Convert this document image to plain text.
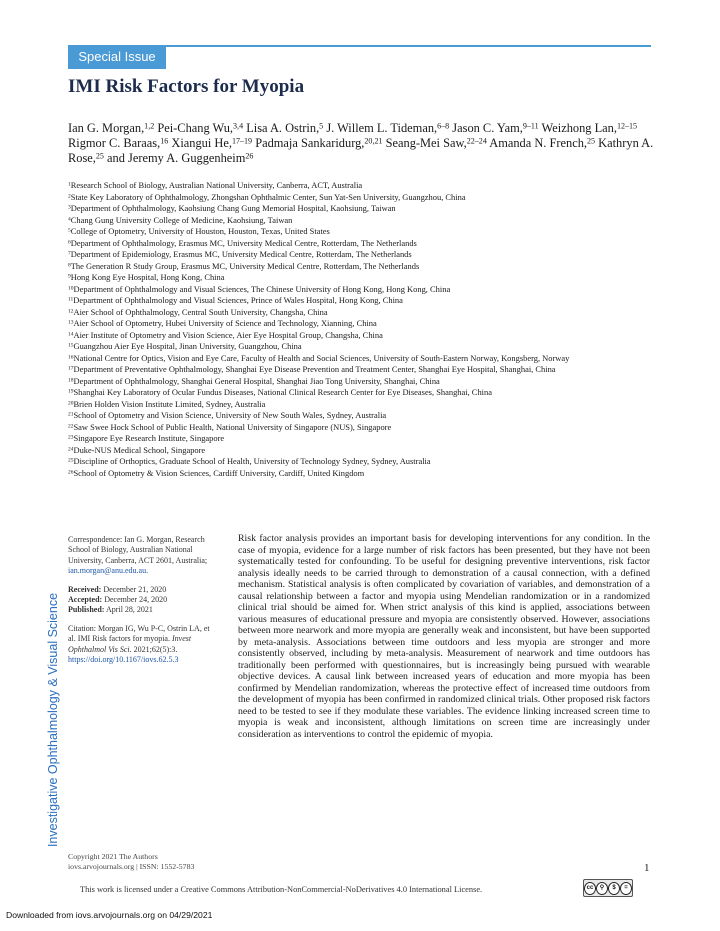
Special Issue
IMI Risk Factors for Myopia
Ian G. Morgan,$^{1,2}$ Pei-Chang Wu,$^{3,4}$ Lisa A. Ostrin,$^5$ J. Willem L. Tideman,$^{6-8}$ Jason C. Yam,$^{9-11}$ Weizhong Lan,$^{12-15}$ Rigmor C. Baraas,$^{16}$ Xiangui He,$^{17-19}$ Padmaja Sankaridurg,$^{20,21}$ Seang-Mei Saw,$^{22-24}$ Amanda N. French,$^{25}$ Kathryn A. Rose,$^{25}$ and Jeremy A. Guggenheim$^{26}$
$^1$Research School of Biology, Australian National University, Canberra, ACT, Australia
$^2$State Key Laboratory of Ophthalmology, Zhongshan Ophthalmic Center, Sun Yat-Sen University, Guangzhou, China
$^3$Department of Ophthalmology, Kaohsiung Chang Gung Memorial Hospital, Kaohsiung, Taiwan
$^4$Chang Gung University College of Medicine, Kaohsiung, Taiwan
$^5$College of Optometry, University of Houston, Houston, Texas, United States
$^6$Department of Ophthalmology, Erasmus MC, University Medical Centre, Rotterdam, The Netherlands
$^7$Department of Epidemiology, Erasmus MC, University Medical Centre, Rotterdam, The Netherlands
$^8$The Generation R Study Group, Erasmus MC, University Medical Centre, Rotterdam, The Netherlands
$^9$Hong Kong Eye Hospital, Hong Kong, China
$^{10}$Department of Ophthalmology and Visual Sciences, The Chinese University of Hong Kong, Hong Kong, China
$^{11}$Department of Ophthalmology and Visual Sciences, Prince of Wales Hospital, Hong Kong, China
$^{12}$Aier School of Ophthalmology, Central South University, Changsha, China
$^{13}$Aier School of Optometry, Hubei University of Science and Technology, Xianning, China
$^{14}$Aier Institute of Optometry and Vision Science, Aier Eye Hospital Group, Changsha, China
$^{15}$Guangzhou Aier Eye Hospital, Jinan University, Guangzhou, China
$^{16}$National Centre for Optics, Vision and Eye Care, Faculty of Health and Social Sciences, University of South-Eastern Norway, Kongsberg, Norway
$^{17}$Department of Preventative Ophthalmology, Shanghai Eye Disease Prevention and Treatment Center, Shanghai Eye Hospital, Shanghai, China
$^{18}$Department of Ophthalmology, Shanghai General Hospital, Shanghai Jiao Tong University, Shanghai, China
$^{19}$Shanghai Key Laboratory of Ocular Fundus Diseases, National Clinical Research Center for Eye Diseases, Shanghai, China
$^{20}$Brien Holden Vision Institute Limited, Sydney, Australia
$^{21}$School of Optometry and Vision Science, University of New South Wales, Sydney, Australia
$^{22}$Saw Swee Hock School of Public Health, National University of Singapore (NUS), Singapore
$^{23}$Singapore Eye Research Institute, Singapore
$^{24}$Duke-NUS Medical School, Singapore
$^{25}$Discipline of Orthoptics, Graduate School of Health, University of Technology Sydney, Sydney, Australia
$^{26}$School of Optometry & Vision Sciences, Cardiff University, Cardiff, United Kingdom
Correspondence: Ian G. Morgan, Research School of Biology, Australian National University, Canberra, ACT 2601, Australia; ian.morgan@anu.edu.au.
Received: December 21, 2020
Accepted: December 24, 2020
Published: April 28, 2021
Citation: Morgan IG, Wu P-C, Ostrin LA, et al. IMI Risk factors for myopia. Invest Ophthalmol Vis Sci. 2021;62(5):3.
https://doi.org/10.1167/iovs.62.5.3
Risk factor analysis provides an important basis for developing interventions for any condition. In the case of myopia, evidence for a large number of risk factors has been presented, but they have not been systematically tested for confounding. To be useful for designing preventive interventions, risk factor analysis ideally needs to be carried through to demonstration of a causal connection, with a defined mechanism. Statistical analysis is often complicated by covariation of variables, and demonstration of a causal relationship between a factor and myopia using Mendelian randomization or in a randomized clinical trial should be aimed for. When strict analysis of this kind is applied, associations between various measures of educational pressure and myopia are consistently observed. However, associations between more nearwork and more myopia are generally weak and inconsistent, but have been supported by meta-analysis. Associations between time outdoors and less myopia are stronger and more consistently observed, including by meta-analysis. Measurement of nearwork and time outdoors has traditionally been performed with questionnaires, but is increasingly being pursued with wearable objective devices. A causal link between increased years of education and more myopia has been confirmed by Mendelian randomization, whereas the protective effect of increased time outdoors from the development of myopia has been confirmed in randomized clinical trials. Other proposed risk factors need to be tested to see if they modulate these variables. The evidence linking increased screen time to myopia is weak and inconsistent, although limitations on screen time are increasingly under consideration as interventions to control the epidemic of myopia.
Investigative Ophthalmology & Visual Science
Copyright 2021 The Authors
iovs.arvojournals.org | ISSN: 1552-5783	1
This work is licensed under a Creative Commons Attribution-NonCommercial-NoDerivatives 4.0 International License.	cc	⚲	$	=
Downloaded from iovs.arvojournals.org on 04/29/2021
